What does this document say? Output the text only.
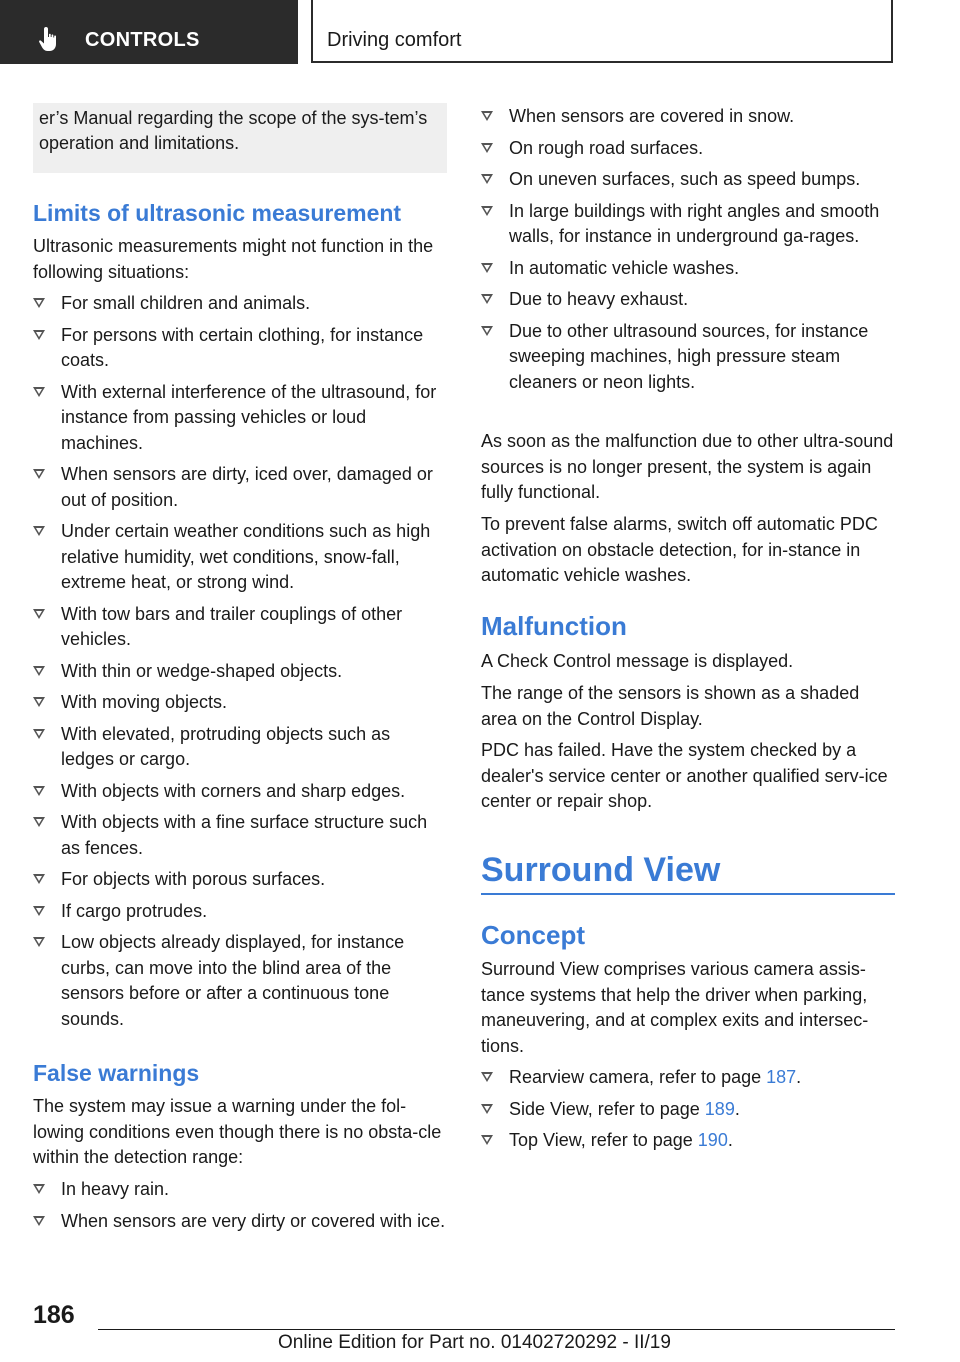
CONTROLS	Driving comfort
er’s Manual regarding the scope of the sys-tem’s operation and limitations.
Limits of ultrasonic measurement

Ultrasonic measurements might not function in the following situations:

For small children and animals.
For persons with certain clothing, for instance coats.
With external interference of the ultrasound, for instance from passing vehicles or loud machines.
When sensors are dirty, iced over, damaged or out of position.
Under certain weather conditions such as high relative humidity, wet conditions, snow-fall, extreme heat, or strong wind.
With tow bars and trailer couplings of other vehicles.
With thin or wedge-shaped objects.
With moving objects.
With elevated, protruding objects such as ledges or cargo.
With objects with corners and sharp edges.
With objects with a fine surface structure such as fences.
For objects with porous surfaces.
If cargo protrudes.
Low objects already displayed, for instance curbs, can move into the blind area of the sensors before or after a continuous tone sounds.
False warnings

The system may issue a warning under the fol-lowing conditions even though there is no obsta-cle within the detection range:

In heavy rain.
When sensors are very dirty or covered with ice.
When sensors are covered in snow.
On rough road surfaces.
On uneven surfaces, such as speed bumps.
In large buildings with right angles and smooth walls, for instance in underground ga-rages.
In automatic vehicle washes.
Due to heavy exhaust.
Due to other ultrasound sources, for instance sweeping machines, high pressure steam cleaners or neon lights.

As soon as the malfunction due to other ultra-sound sources is no longer present, the system is again fully functional.

To prevent false alarms, switch off automatic PDC activation on obstacle detection, for in-stance in automatic vehicle washes.

Malfunction

A Check Control message is displayed.

The range of the sensors is shown as a shaded area on the Control Display.

PDC has failed. Have the system checked by a dealer's service center or another qualified serv-ice center or repair shop.

Surround View
Concept

Surround View comprises various camera assis-tance systems that help the driver when parking, maneuvering, and at complex exits and intersec-tions.

Rearview camera, refer to page 187.
Side View, refer to page 189.
Top View, refer to page 190.
186
Online Edition for Part no. 01402720292 - II/19
